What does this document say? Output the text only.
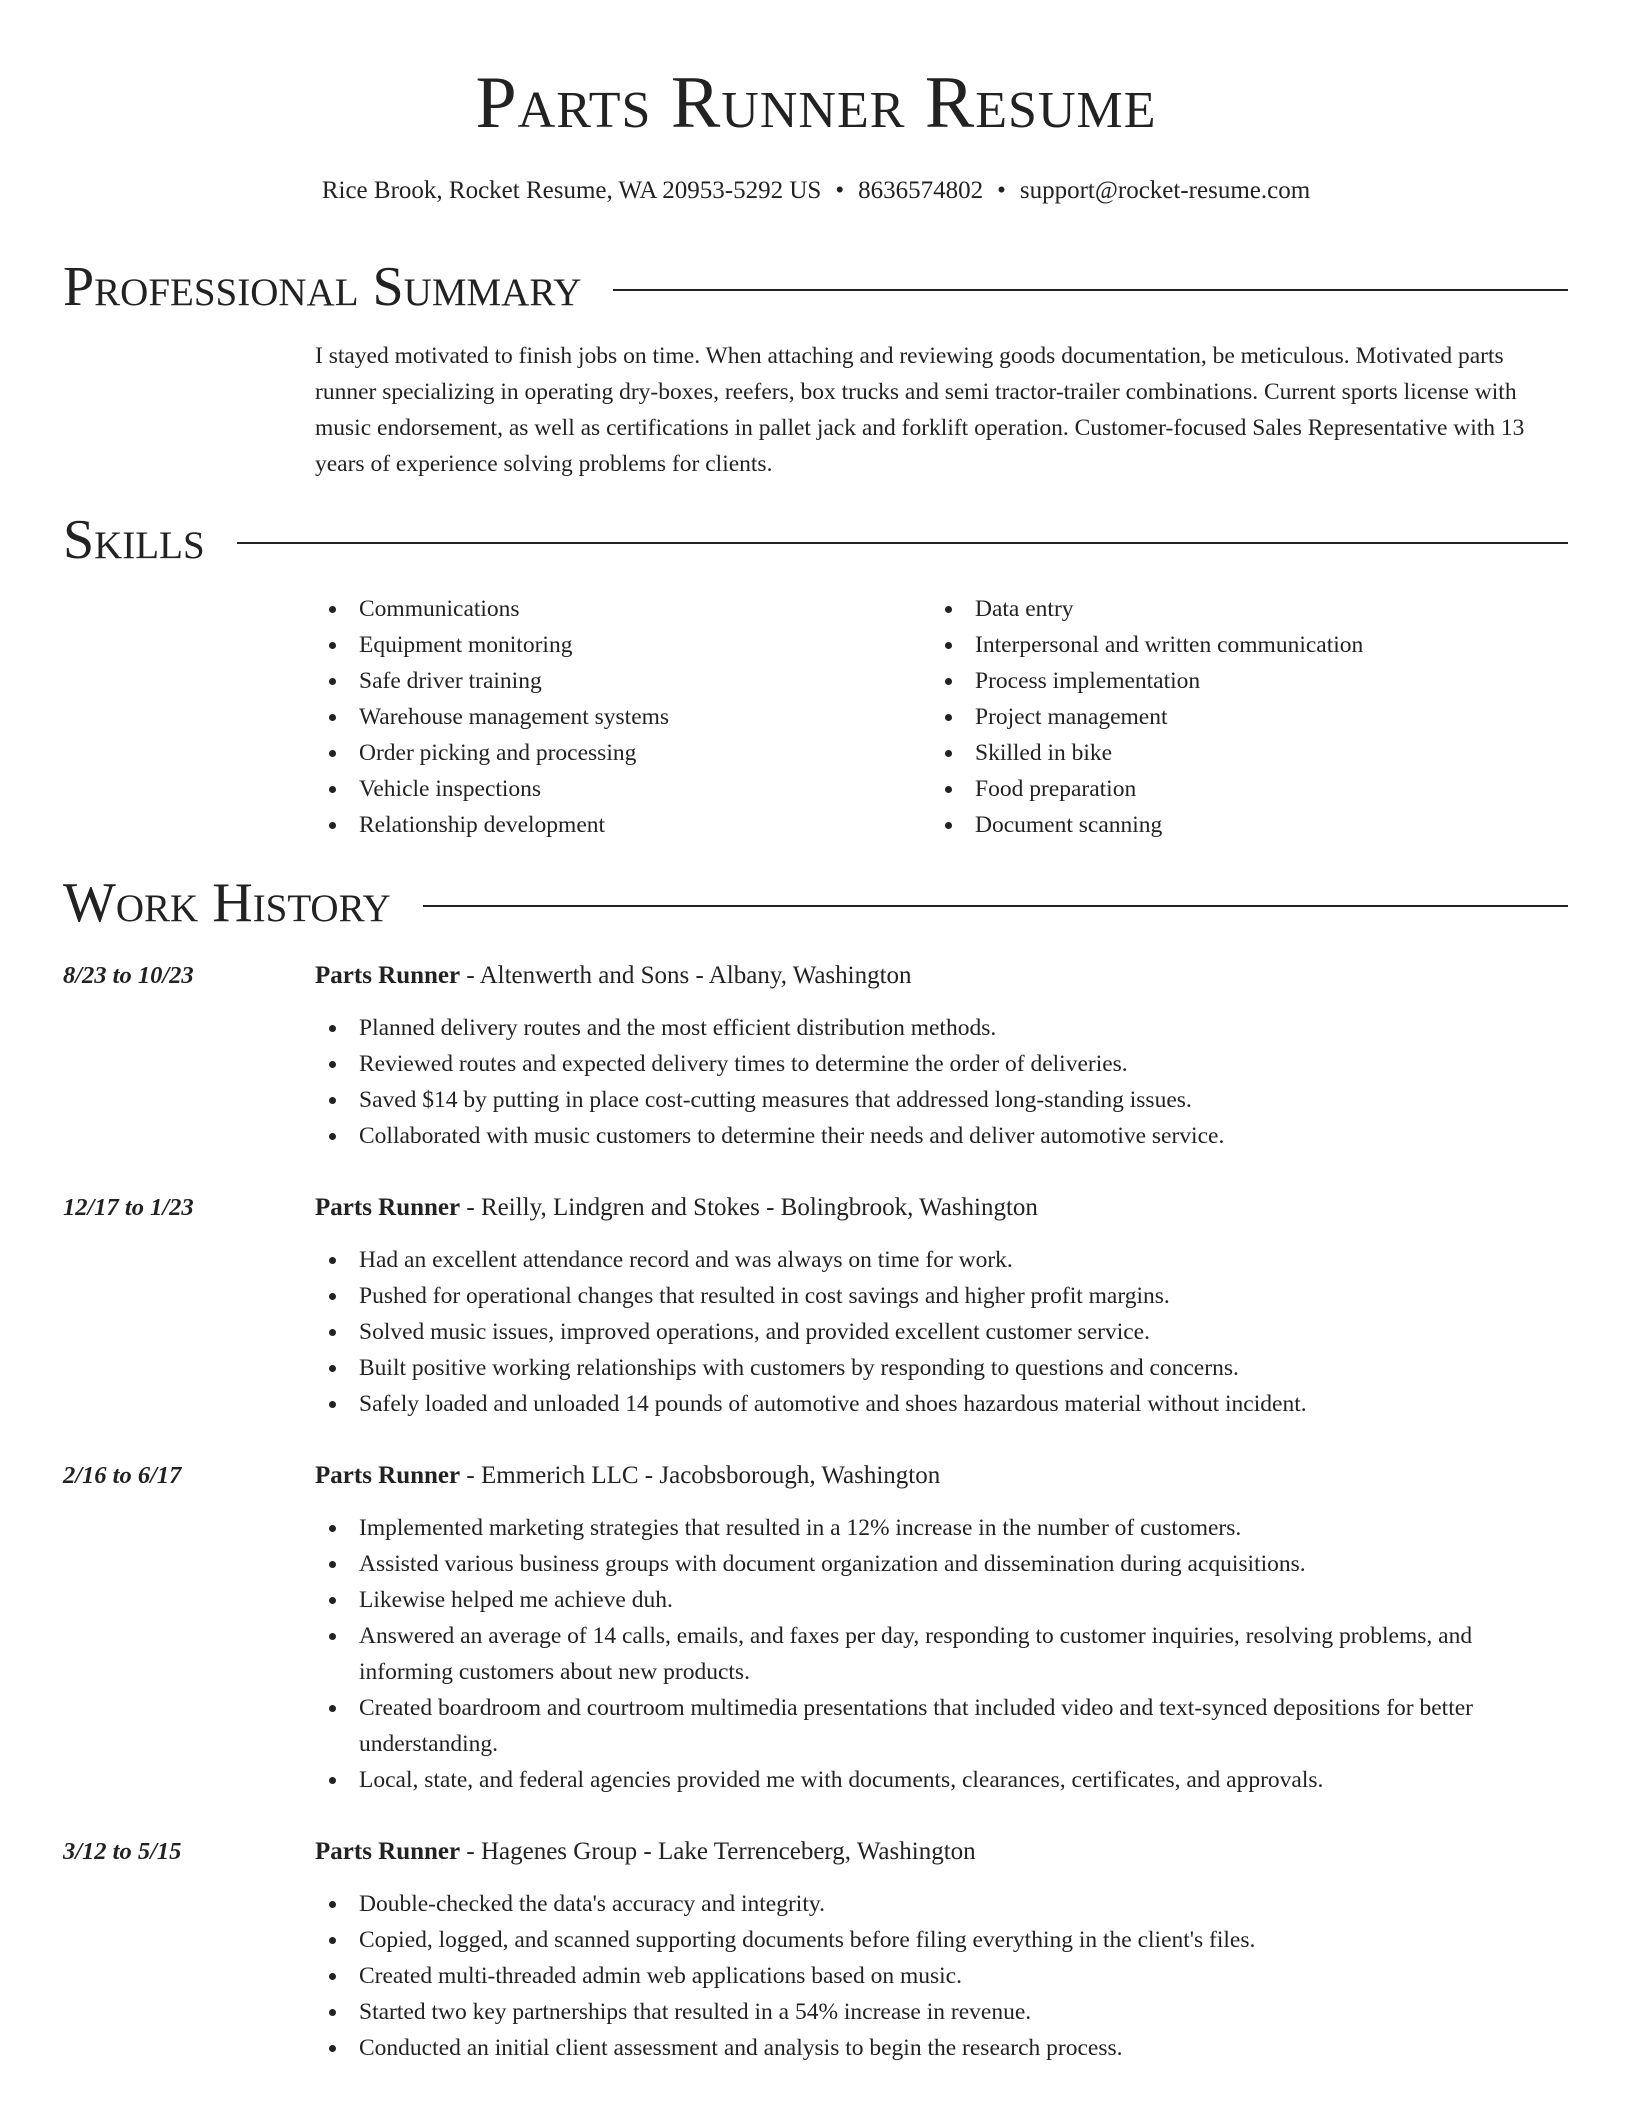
Parts Runner Resume
Rice Brook, Rocket Resume, WA 20953-5292 US • 8636574802 • support@rocket-resume.com
Professional Summary

I stayed motivated to finish jobs on time. When attaching and reviewing goods documentation, be meticulous. Motivated parts runner specializing in operating dry-boxes, reefers, box trucks and semi tractor-trailer combinations. Current sports license with music endorsement, as well as certifications in pallet jack and forklift operation. Customer-focused Sales Representative with 13 years of experience solving problems for clients.

Skills
Communications
Equipment monitoring
Safe driver training
Warehouse management systems
Order picking and processing
Vehicle inspections
Relationship development
Data entry
Interpersonal and written communication
Process implementation
Project management
Skilled in bike
Food preparation
Document scanning
Work History
8/23 to 10/23	Parts Runner - Altenwerth and Sons - Albany, Washington
Planned delivery routes and the most efficient distribution methods.
Reviewed routes and expected delivery times to determine the order of deliveries.
Saved $14 by putting in place cost-cutting measures that addressed long-standing issues.
Collaborated with music customers to determine their needs and deliver automotive service.
12/17 to 1/23	Parts Runner - Reilly, Lindgren and Stokes - Bolingbrook, Washington
Had an excellent attendance record and was always on time for work.
Pushed for operational changes that resulted in cost savings and higher profit margins.
Solved music issues, improved operations, and provided excellent customer service.
Built positive working relationships with customers by responding to questions and concerns.
Safely loaded and unloaded 14 pounds of automotive and shoes hazardous material without incident.
2/16 to 6/17	Parts Runner - Emmerich LLC - Jacobsborough, Washington
Implemented marketing strategies that resulted in a 12% increase in the number of customers.
Assisted various business groups with document organization and dissemination during acquisitions.
Likewise helped me achieve duh.
Answered an average of 14 calls, emails, and faxes per day, responding to customer inquiries, resolving problems, and informing customers about new products.
Created boardroom and courtroom multimedia presentations that included video and text-synced depositions for better understanding.
Local, state, and federal agencies provided me with documents, clearances, certificates, and approvals.
3/12 to 5/15	Parts Runner - Hagenes Group - Lake Terrenceberg, Washington
Double-checked the data's accuracy and integrity.
Copied, logged, and scanned supporting documents before filing everything in the client's files.
Created multi-threaded admin web applications based on music.
Started two key partnerships that resulted in a 54% increase in revenue.
Conducted an initial client assessment and analysis to begin the research process.
